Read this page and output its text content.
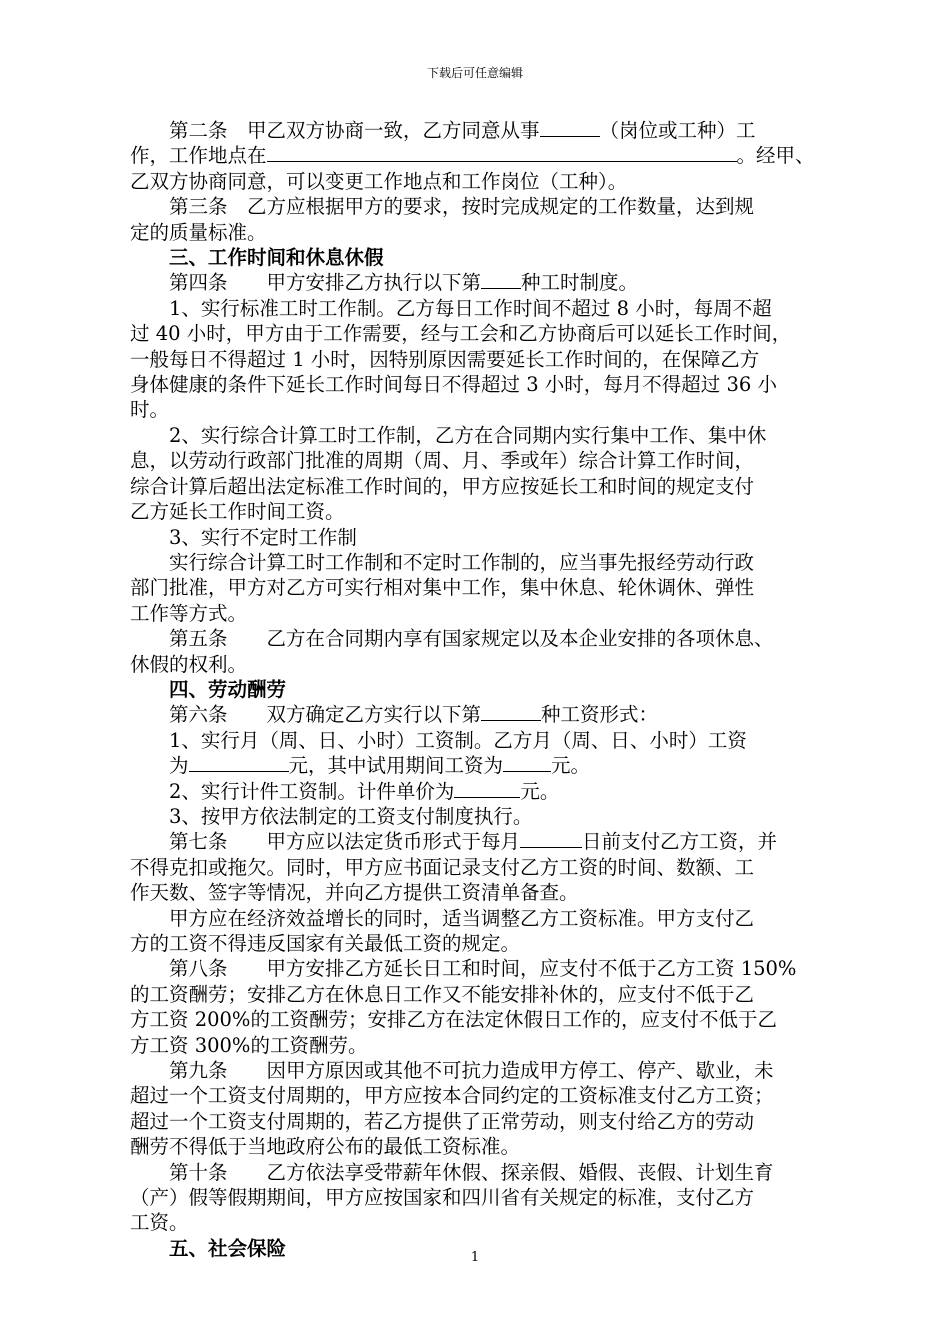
下载后可任意编辑

第二条　甲乙双方协商一致，乙方同意从事	（岗位或工种）工

作，工作地点在	。经甲、

乙双方协商同意，可以变更工作地点和工作岗位（工种）。

第三条　乙方应根据甲方的要求，按时完成规定的工作数量，达到规

定的质量标准。

三、工作时间和休息休假

第四条　　甲方安排乙方执行以下第 种工时制度。

1、实行标准工时工作制。乙方每日工作时间不超过 8 小时，每周不超

过 40 小时，甲方由于工作需要，经与工会和乙方协商后可以延长工作时间，

一般每日不得超过 1 小时，因特别原因需要延长工作时间的，在保障乙方

身体健康的条件下延长工作时间每日不得超过 3 小时，每月不得超过 36 小

时。

2、实行综合计算工时工作制，乙方在合同期内实行集中工作、集中休

息，以劳动行政部门批准的周期（周、月、季或年）综合计算工作时间，

综合计算后超出法定标准工作时间的，甲方应按延长工和时间的规定支付

乙方延长工作时间工资。

3、实行不定时工作制

实行综合计算工时工作制和不定时工作制的，应当事先报经劳动行政

部门批准，甲方对乙方可实行相对集中工作，集中休息、轮休调休、弹性

工作等方式。

第五条　　乙方在合同期内享有国家规定以及本企业安排的各项休息、

休假的权利。

四、劳动酬劳

第六条　　双方确定乙方实行以下第	种工资形式：

1、实行月（周、日、小时）工资制。乙方月（周、日、小时）工资

为	元，其中试用期间工资为 元。

2、实行计件工资制。计件单价为	元。

3、按甲方依法制定的工资支付制度执行。

第七条　　甲方应以法定货币形式于每月	日前支付乙方工资，并

不得克扣或拖欠。同时，甲方应书面记录支付乙方工资的时间、数额、工

作天数、签字等情况，并向乙方提供工资清单备查。

甲方应在经济效益增长的同时，适当调整乙方工资标准。甲方支付乙

方的工资不得违反国家有关最低工资的规定。

第八条　　甲方安排乙方延长日工和时间，应支付不低于乙方工资 150%

的工资酬劳；安排乙方在休息日工作又不能安排补休的，应支付不低于乙

方工资 200%的工资酬劳；安排乙方在法定休假日工作的，应支付不低于乙

方工资 300%的工资酬劳。

第九条　　因甲方原因或其他不可抗力造成甲方停工、停产、歇业，未

超过一个工资支付周期的，甲方应按本合同约定的工资标准支付乙方工资；

超过一个工资支付周期的，若乙方提供了正常劳动，则支付给乙方的劳动

酬劳不得低于当地政府公布的最低工资标准。

第十条　　乙方依法享受带薪年休假、探亲假、婚假、丧假、计划生育

（产）假等假期期间，甲方应按国家和四川省有关规定的标准，支付乙方

工资。

五、社会保险	1
